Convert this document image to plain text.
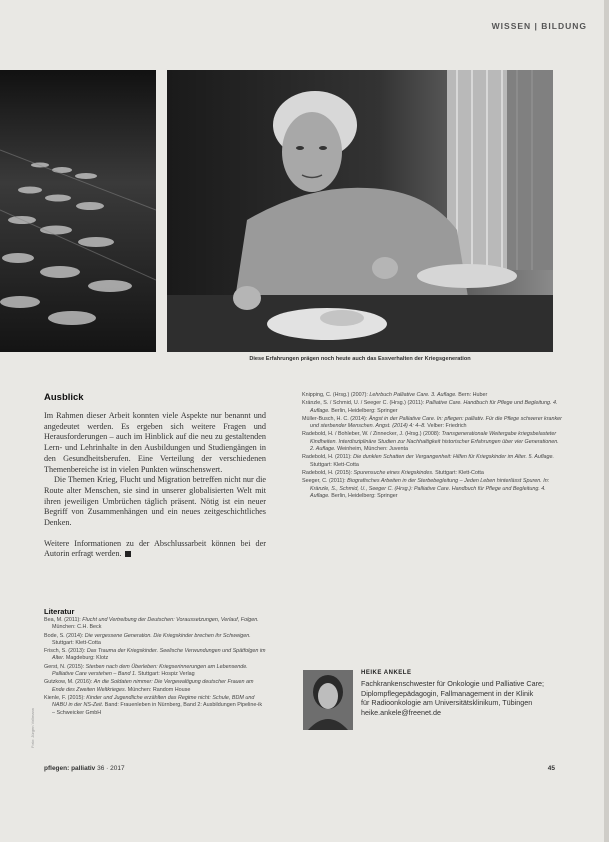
WISSEN | BILDUNG
Diese Erfahrungen prägen noch heute auch das Essverhalten der Kriegsgeneration
Ausblick

Im Rahmen dieser Arbeit konnten viele Aspekte nur benannt und angedeutet werden. Es ergeben sich weitere Fragen und Herausforderungen – auch im Hinblick auf die neu zu gestaltenden Lern- und Lehrinhalte in den Ausbildungen und Studiengängen in den Gesundheitsberufen. Eine Verteilung der verschiedenen Themenbereiche ist in vielen Punkten wünschenswert.

Die Themen Krieg, Flucht und Migration betreffen nicht nur die Route alter Menschen, sie sind in unserer globalisierten Welt mit ihren jeweiligen Umbrüchen täglich präsent. Nötig ist ein neuer Begriff von Zusammenhängen und ein neues zeitgeschichtliches Denken.

Weitere Informationen zu der Abschlussarbeit können bei der Autorin erfragt werden.

Literatur
Bea, M. (2011): Flucht und Vertreibung der Deutschen: Voraussetzungen, Verlauf, Folgen. München: C.H. Beck
Bode, S. (2014): Die vergessene Generation. Die Kriegskinder brechen ihr Schweigen. Stuttgart: Klett-Cotta
Frisch, S. (2013): Das Trauma der Kriegskinder. Seelische Verwundungen und Spätfolgen im Alter. Magdeburg: Klotz
Gerst, N. (2015): Sterben nach dem Überleben: Kriegserinnerungen am Lebensende. Palliative Care verstehen – Band 1. Stuttgart: Hospiz Verlag
Gutzkow, M. (2016): An die Soldaten nimmer: Die Vergewaltigung deutscher Frauen am Ende des Zweiten Weltkrieges. München: Random House
Kienle, F. (2015): Kinder und Jugendliche erzählten das Regime nicht: Schule, BDM und NABU in der NS-Zeit. Band: Frauenleben in Nürnberg, Band 2: Ausbildungen Pipeline-ik – Schweicker GmbH
Knipping, C. (Hrsg.) (2007): Lehrbuch Palliative Care. 3. Auflage. Bern: Huber
Kränzle, S. / Schmid, U. / Seeger C. (Hrsg.) (2011): Palliative Care. Handbuch für Pflege und Begleitung. 4. Auflage. Berlin, Heidelberg: Springer
Müller-Busch, H. C. (2014): Ängst in der Palliative Care. In: pflegen: palliativ. Für die Pflege schwerer kranker und sterbender Menschen. Angst. (2014) 4: 4–8. Velber: Friedrich
Radebold, H. / Bohleber, W. / Zinnecker, J. (Hrsg.) (2008): Transgenerationale Weitergabe kriegsbelasteter Kindheiten. Interdisziplinäre Studien zur Nachhaltigkeit historischer Erfahrungen über vier Generationen. 2. Auflage. Weinheim, München: Juventa
Radebold, H. (2011): Die dunklen Schatten der Vergangenheit: Hilfen für Kriegskinder im Alter. 5. Auflage. Stuttgart: Klett-Cotta
Radebold, H. (2015): Spurensuche eines Kriegskindes. Stuttgart: Klett-Cotta
Seeger, C. (2011): Biografisches Arbeiten in der Sterbebegleitung – Jeden Leben hinterlässt Spuren. In: Kränzle, S., Schmid, U., Seeger C. (Hrsg.): Palliative Care. Handbuch für Pflege und Begleitung. 4. Auflage. Berlin, Heidelberg: Springer
Foto: Jürgen Vollmann
HEIKE ANKELE
Fachkrankenschwester für Onkologie und Palliative Care;
Diplompflegepädagogin, Fallmanagement in der Klinik
für Radioonkologie am Universitätsklinikum, Tübingen
heike.ankele@freenet.de
pflegen: palliativ 36 · 2017	45
